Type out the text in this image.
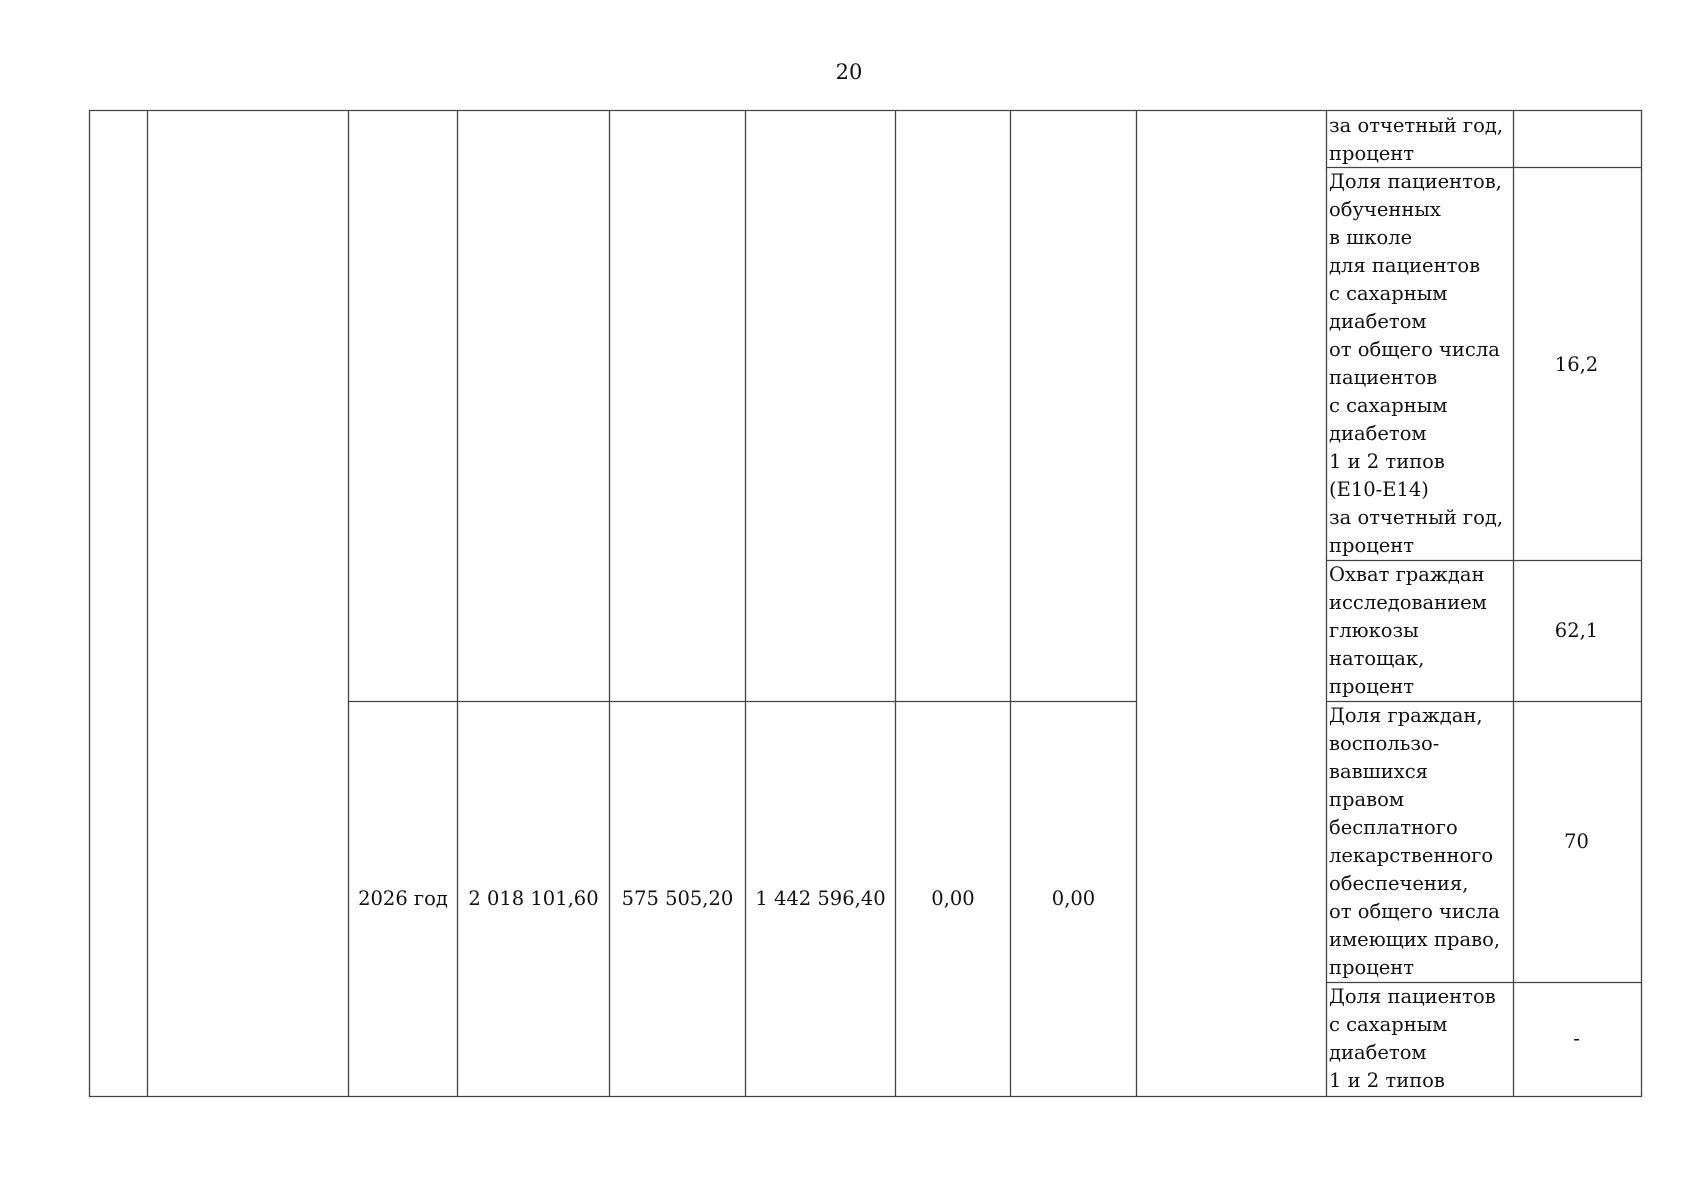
20
2026 год	2 018 101,60	575 505,20	1 442 596,40	0,00	0,00
за отчетный год,
процент
Доля пациентов,
обученных
в школе
для пациентов
с сахарным
диабетом
от общего числа
пациентов
с сахарным
диабетом
1 и 2 типов
(E10-E14)
за отчетный год,
процент
16,2
Охват граждан
исследованием
глюкозы
натощак,
процент
62,1
Доля граждан,
воспользо-
вавшихся
правом
бесплатного
лекарственного
обеспечения,
от общего числа
имеющих право,
процент
70
Доля пациентов
с сахарным
диабетом
1 и 2 типов
-
